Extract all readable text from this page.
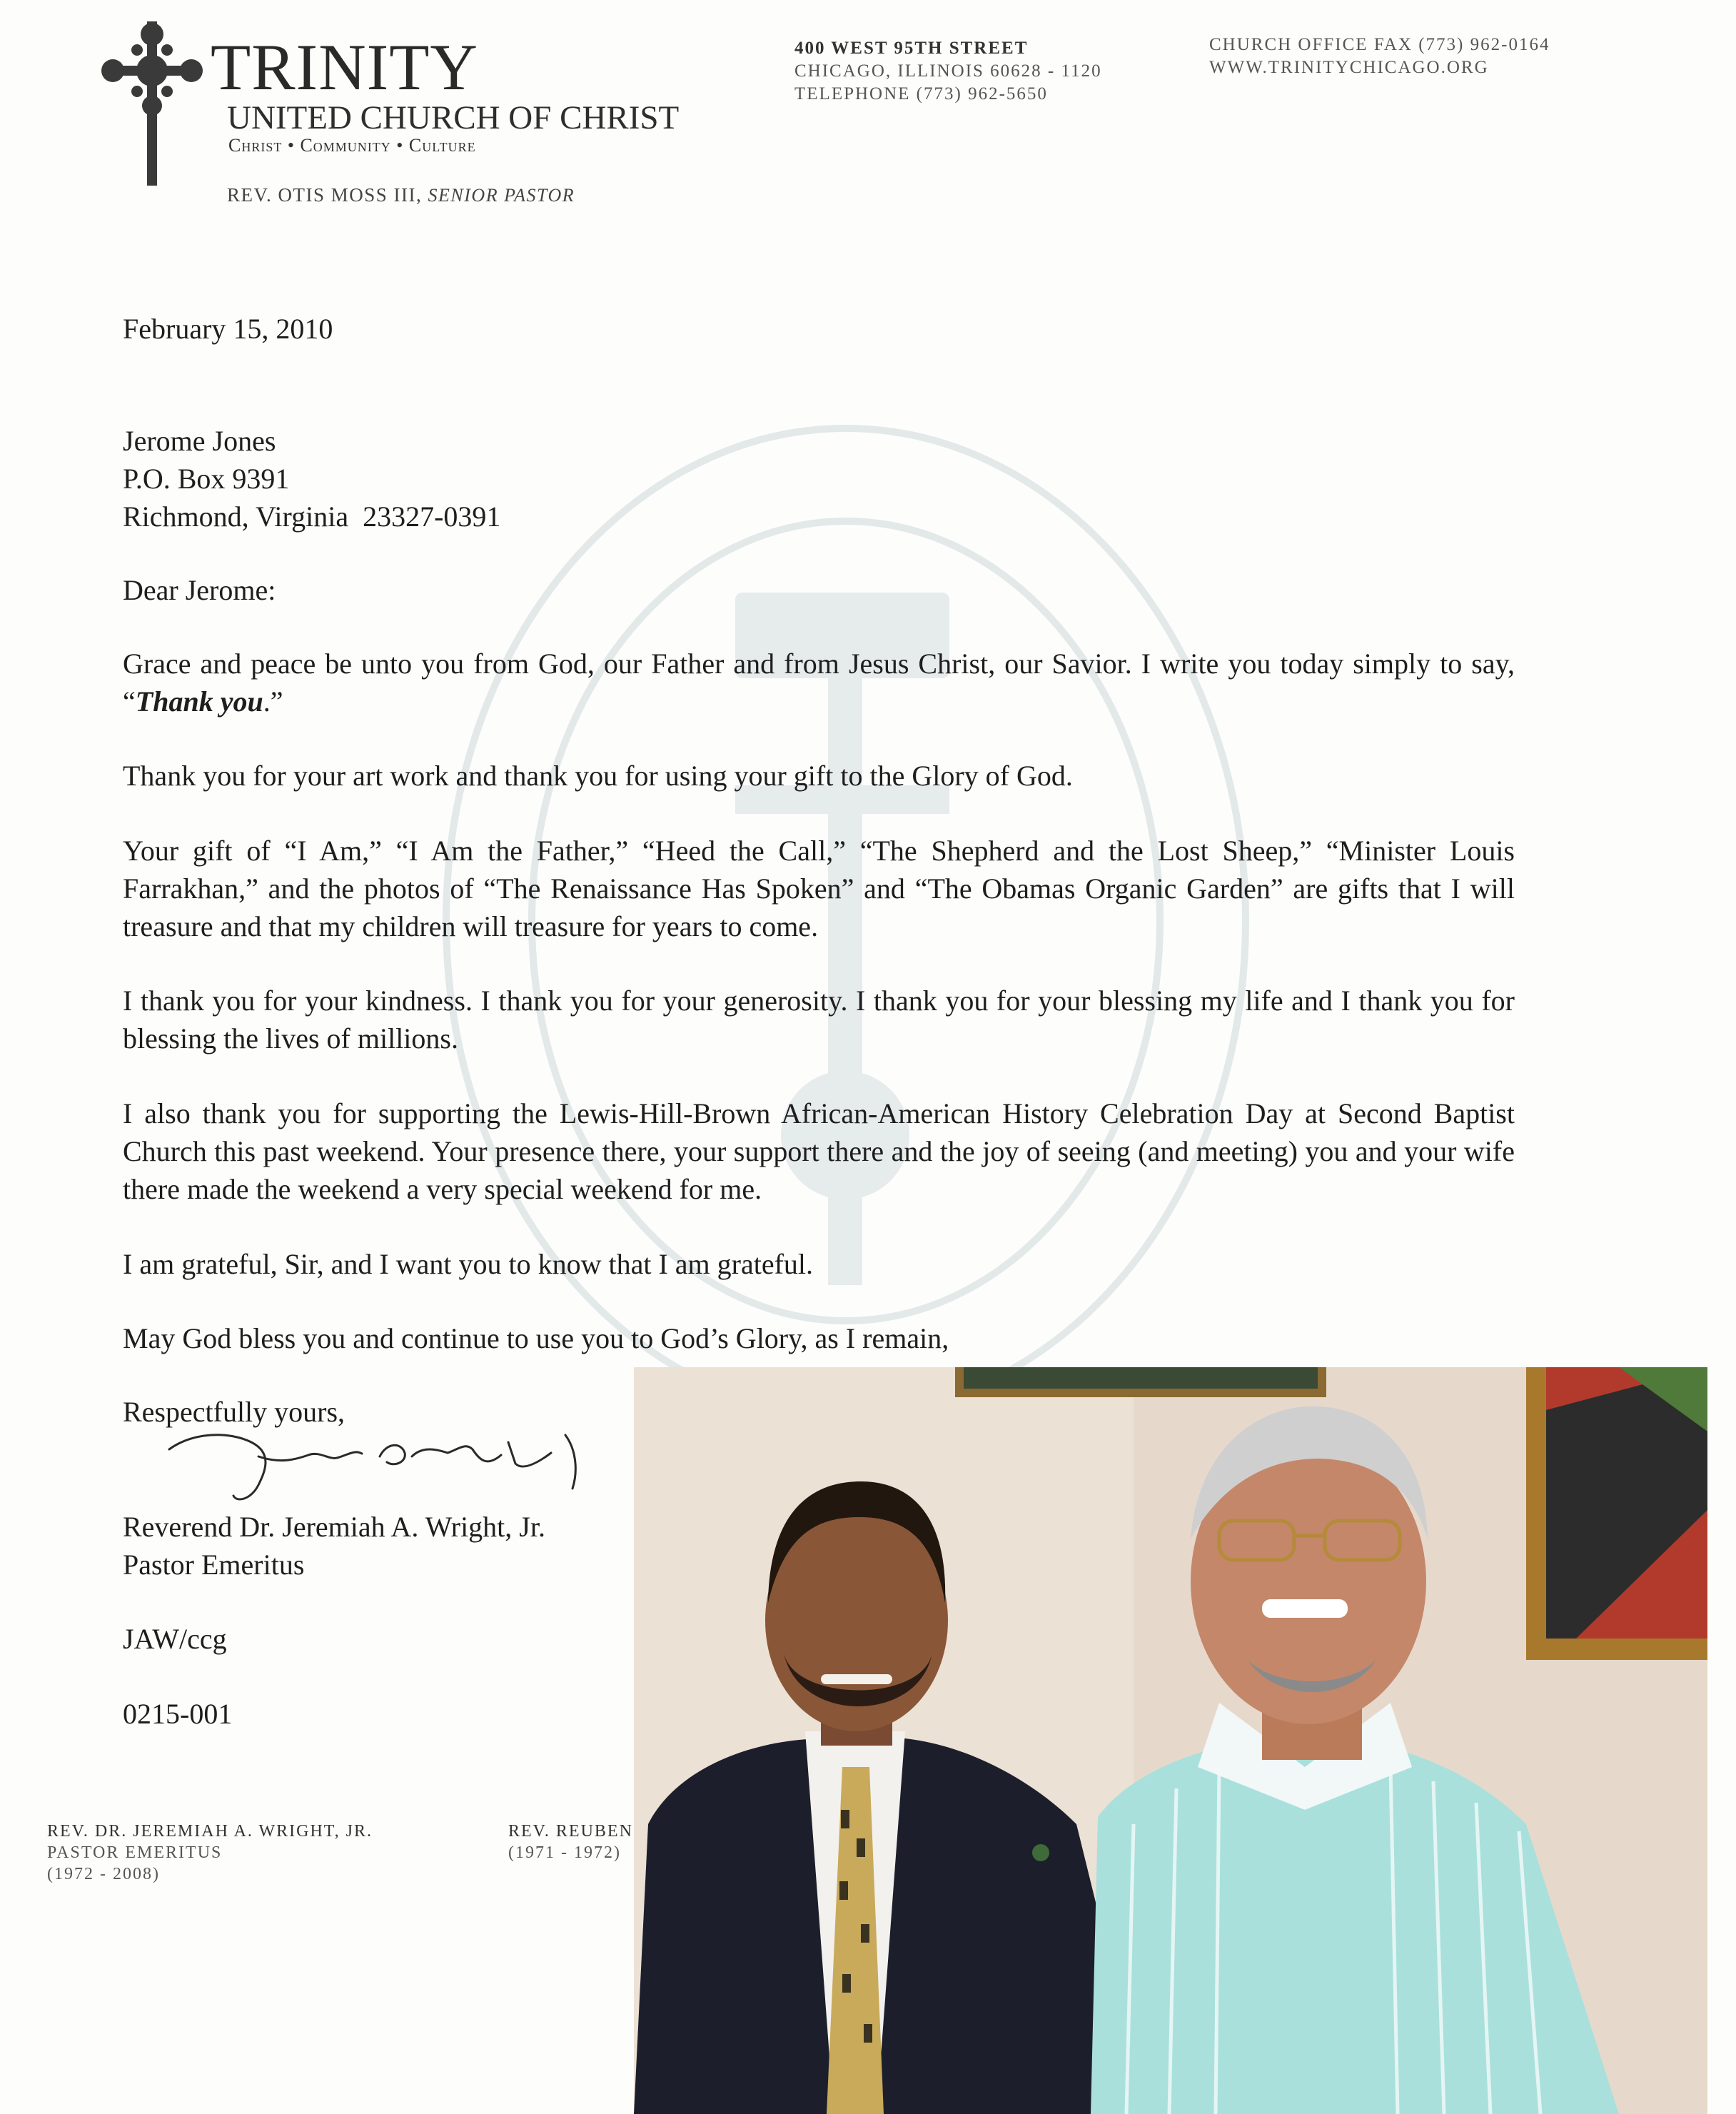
TRINITY
UNITED CHURCH OF CHRIST
Christ • Community • Culture
REV. OTIS MOSS III, SENIOR PASTOR
400 WEST 95TH STREET
CHICAGO, ILLINOIS 60628 - 1120
TELEPHONE (773) 962-5650
CHURCH OFFICE FAX (773) 962-0164
WWW.TRINITYCHICAGO.ORG
February 15, 2010
Jerome Jones
P.O. Box 9391
Richmond, Virginia  23327-0391
Dear Jerome:

Grace and peace be unto you from God, our Father and from Jesus Christ, our Savior. I write you today simply to say, “Thank you.”

Thank you for your art work and thank you for using your gift to the Glory of God.

Your gift of “I Am,” “I Am the Father,” “Heed the Call,” “The Shepherd and the Lost Sheep,” “Minister Louis Farrakhan,” and the photos of “The Renaissance Has Spoken” and “The Obamas Organic Garden” are gifts that I will treasure and that my children will treasure for years to come.

I thank you for your kindness. I thank you for your generosity. I thank you for your blessing my life and I thank you for blessing the lives of millions.

I also thank you for supporting the Lewis-Hill-Brown African-American History Celebration Day at Second Baptist Church this past weekend. Your presence there, your support there and the joy of seeing (and meeting) you and your wife there made the weekend a very special weekend for me.

I am grateful, Sir, and I want you to know that I am grateful.

May God bless you and continue to use you to God’s Glory, as I remain,

Respectfully yours,
Reverend Dr. Jeremiah A. Wright, Jr.
Pastor Emeritus
JAW/ccg
0215-001
REV. DR. JEREMIAH A. WRIGHT, JR.
PASTOR EMERITUS
(1972 - 2008)
REV. REUBEN
(1971 - 1972)
